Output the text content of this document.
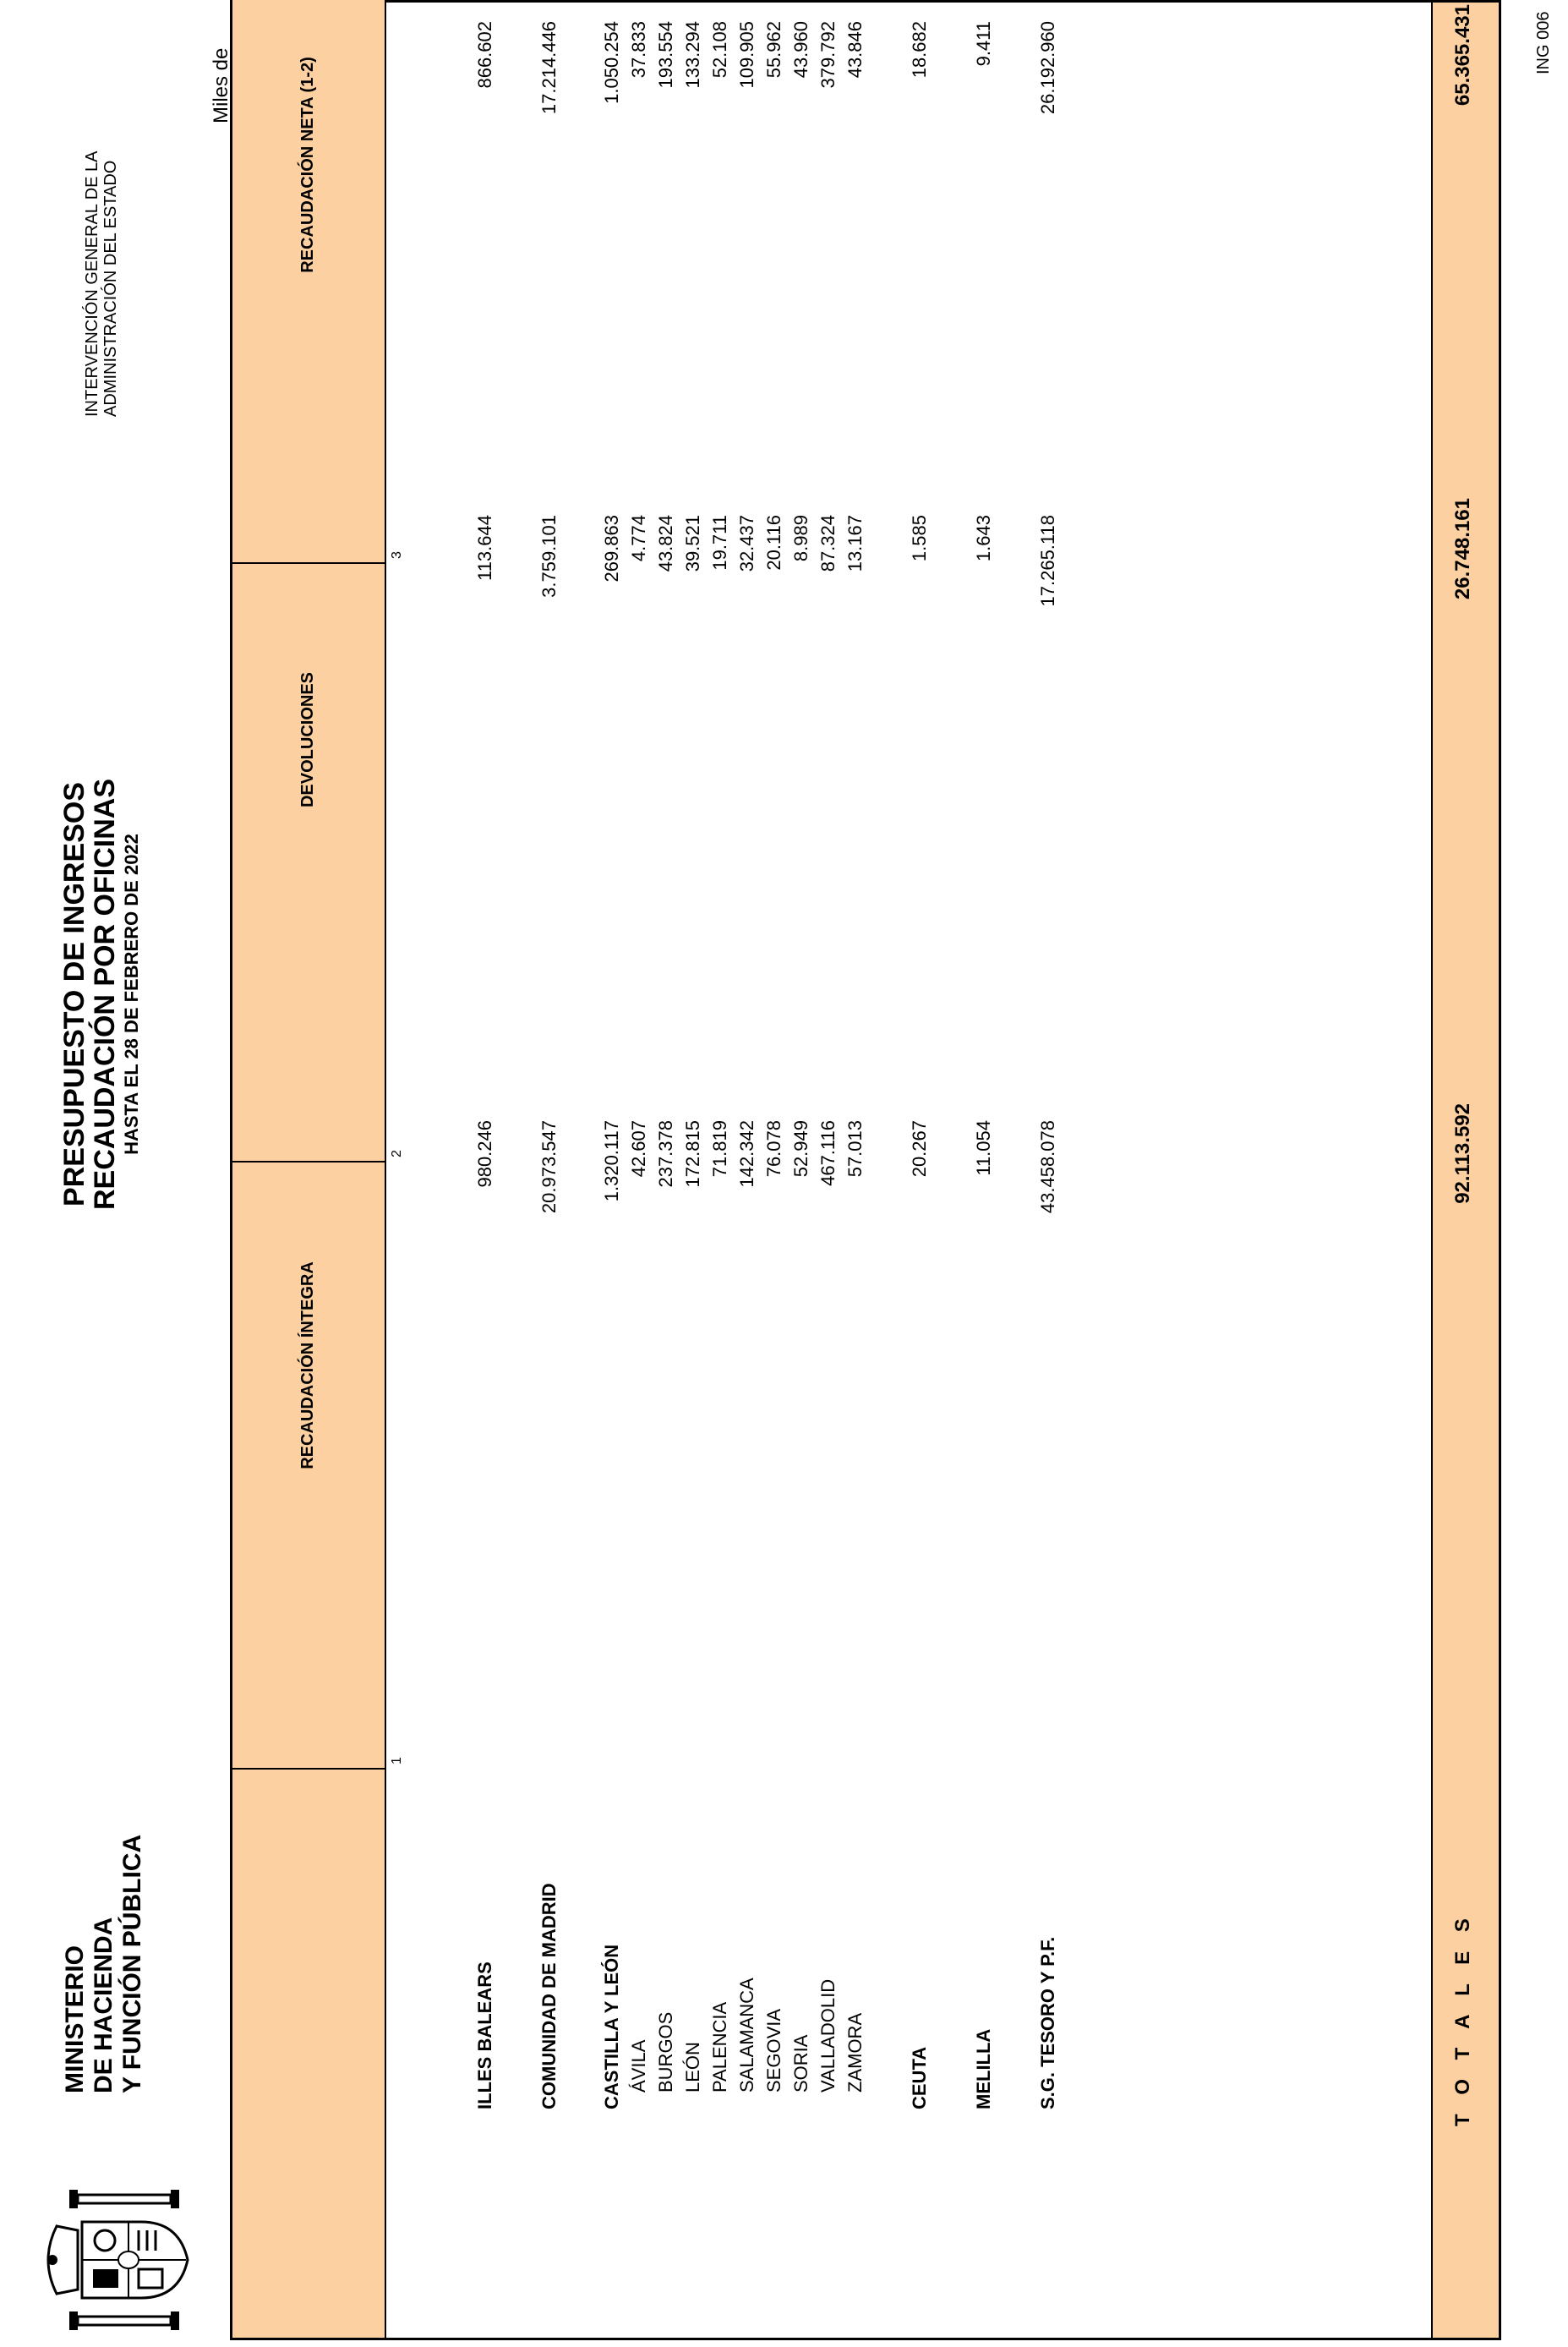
MINISTERIO DE HACIENDA Y FUNCIÓN PÚBLICA
PRESUPUESTO DE INGRESOS
RECAUDACIÓN POR OFICINAS HASTA EL 28 DE FEBRERO DE 2022
INTERVENCIÓN GENERAL DE LA ADMINISTRACIÓN DEL ESTADO
Miles de
RECAUDACIÓN ÍNTEGRA
DEVOLUCIONES
RECAUDACIÓN NETA (1-2)
1
2
3
ILLES BALEARS
980.246
113.644
866.602
COMUNIDAD DE MADRID
20.973.547
3.759.101
17.214.446
CASTILLA Y LEÓN
1.320.117
269.863
1.050.254
ÁVILA
42.607
4.774
37.833
BURGOS
237.378
43.824
193.554
LEÓN
172.815
39.521
133.294
PALENCIA
71.819
19.711
52.108
SALAMANCA
142.342
32.437
109.905
SEGOVIA
76.078
20.116
55.962
SORIA
52.949
8.989
43.960
VALLADOLID
467.116
87.324
379.792
ZAMORA
57.013
13.167
43.846
CEUTA
20.267
1.585
18.682
MELILLA
11.054
1.643
9.411
S.G. TESORO Y P.F.
43.458.078
17.265.118
26.192.960
T O T A L E S
92.113.592
26.748.161
65.365.431	ING 006
